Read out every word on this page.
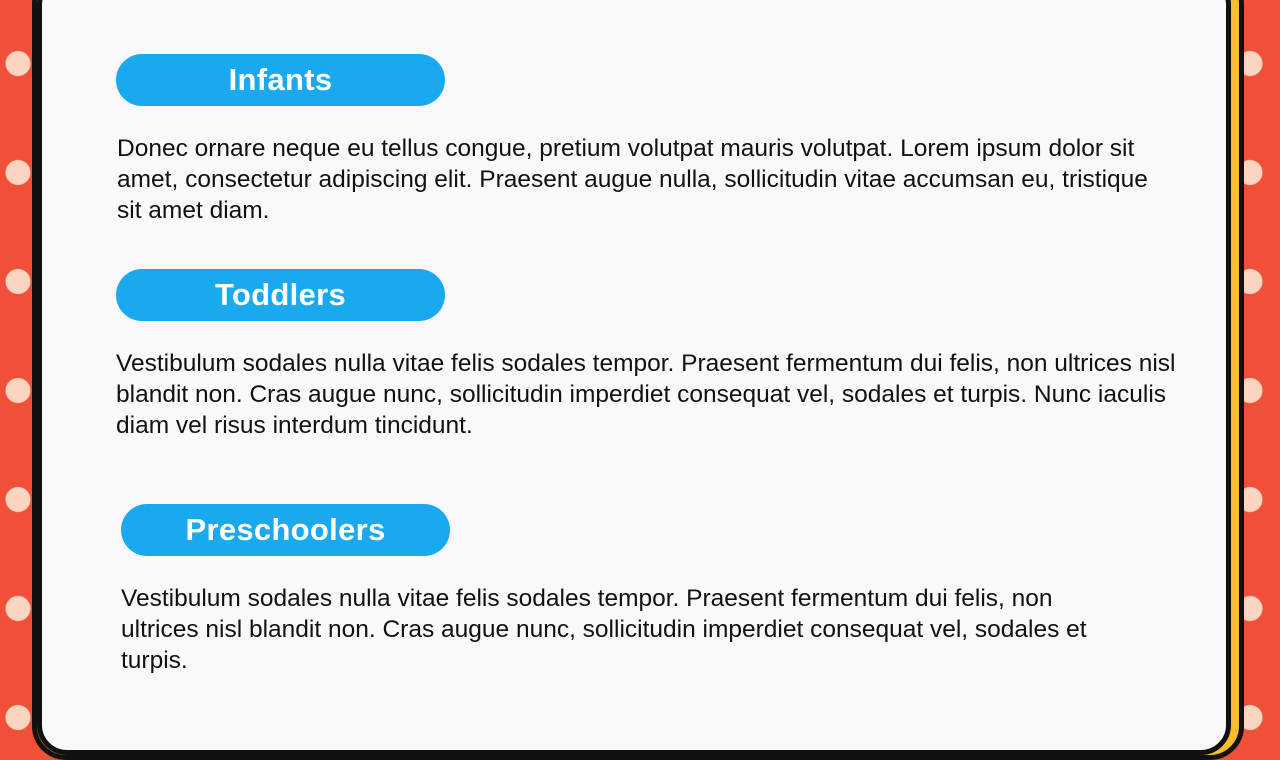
Infants

Donec ornare neque eu tellus congue, pretium volutpat mauris volutpat. Lorem ipsum dolor sit amet, consectetur adipiscing elit. Praesent augue nulla, sollicitudin vitae accumsan eu, tristique sit amet diam.

Toddlers

Vestibulum sodales nulla vitae felis sodales tempor. Praesent fermentum dui felis, non ultrices nisl blandit non. Cras augue nunc, sollicitudin imperdiet consequat vel, sodales et turpis. Nunc iaculis diam vel risus interdum tincidunt.

Preschoolers

Vestibulum sodales nulla vitae felis sodales tempor. Praesent fermentum dui felis, non ultrices nisl blandit non. Cras augue nunc, sollicitudin imperdiet consequat vel, sodales et turpis.
